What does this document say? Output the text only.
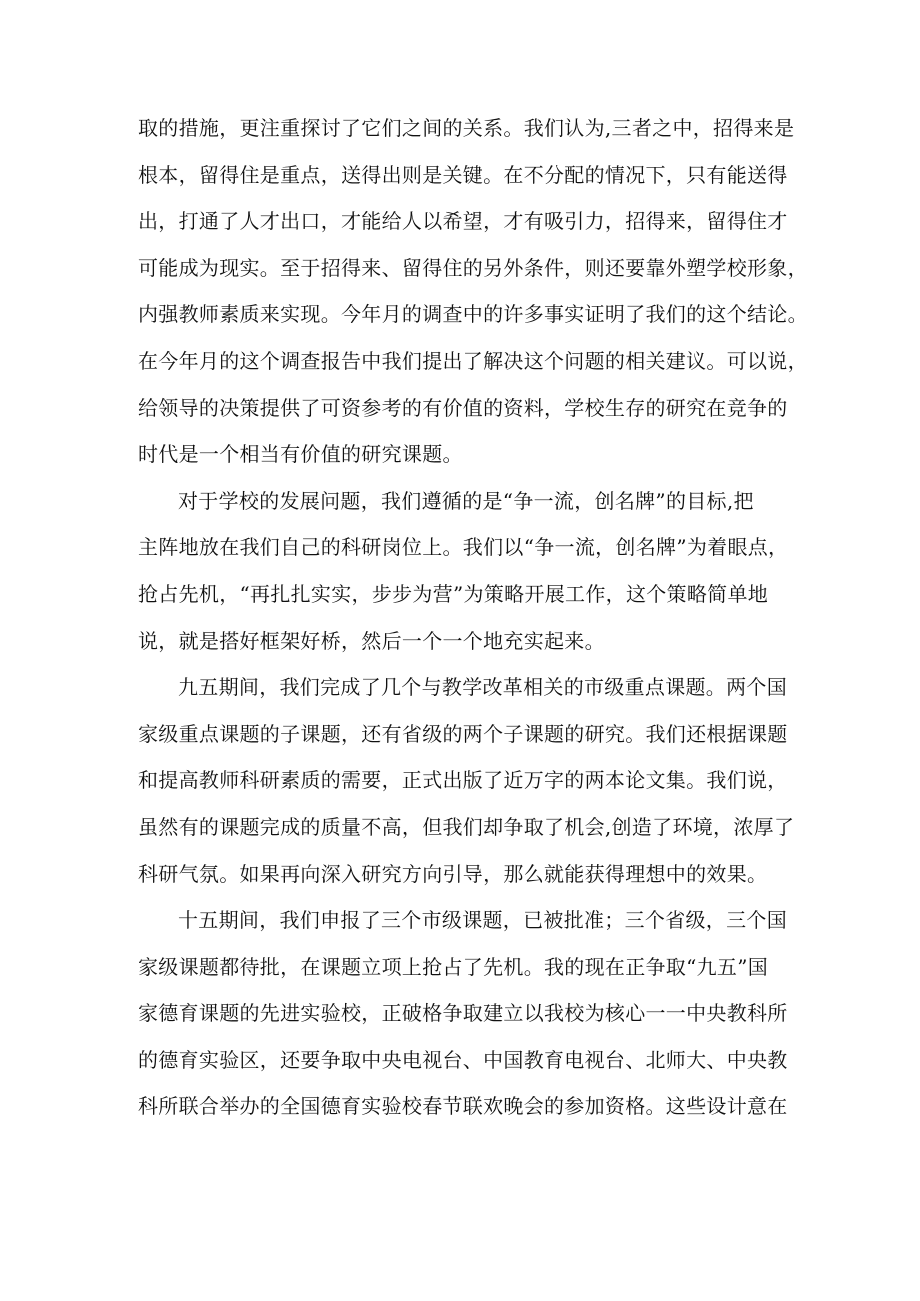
取的措施，更注重探讨了它们之间的关系。我们认为,三者之中，招得来是
根本，留得住是重点，送得出则是关键。在不分配的情况下，只有能送得
出，打通了人才出口，才能给人以希望，才有吸引力，招得来，留得住才
可能成为现实。至于招得来、留得住的另外条件，则还要靠外塑学校形象，
内强教师素质来实现。今年月的调查中的许多事实证明了我们的这个结论。
在今年月的这个调查报告中我们提出了解决这个问题的相关建议。可以说，
给领导的决策提供了可资参考的有价值的资料，学校生存的研究在竞争的
时代是一个相当有价值的研究课题。
对于学校的发展问题，我们遵循的是“争一流，创名牌”的目标,把
主阵地放在我们自己的科研岗位上。我们以“争一流，创名牌”为着眼点，
抢占先机，“再扎扎实实，步步为营”为策略开展工作，这个策略简单地
说，就是搭好框架好桥，然后一个一个地充实起来。
九五期间，我们完成了几个与教学改革相关的市级重点课题。两个国
家级重点课题的子课题，还有省级的两个子课题的研究。我们还根据课题
和提高教师科研素质的需要，正式出版了近万字的两本论文集。我们说，
虽然有的课题完成的质量不高，但我们却争取了机会,创造了环境，浓厚了
科研气氛。如果再向深入研究方向引导，那么就能获得理想中的效果。
十五期间，我们申报了三个市级课题，已被批准；三个省级，三个国
家级课题都待批，在课题立项上抢占了先机。我的现在正争取“九五”国
家德育课题的先进实验校，正破格争取建立以我校为核心一一中央教科所
的德育实验区，还要争取中央电视台、中国教育电视台、北师大、中央教
科所联合举办的全国德育实验校春节联欢晚会的参加资格。这些设计意在
